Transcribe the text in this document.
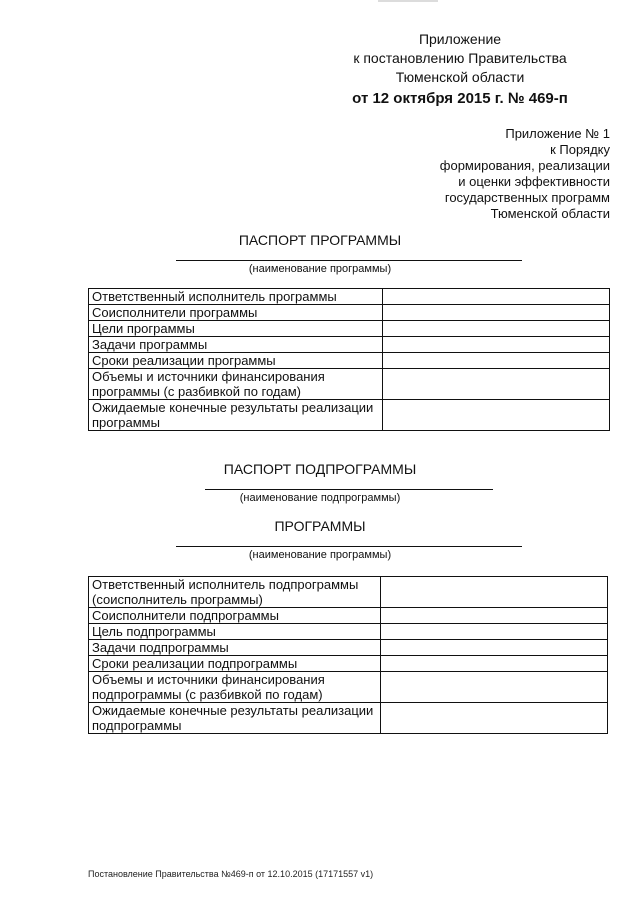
Приложение
к постановлению Правительства
Тюменской области
от 12 октября 2015 г. № 469-п
Приложение № 1
к Порядку
формирования, реализации
и оценки эффективности
государственных программ
Тюменской области
ПАСПОРТ ПРОГРАММЫ
(наименование программы)
Ответственный исполнитель программы	
Соисполнители программы	
Цели программы	
Задачи программы	
Сроки реализации программы	
Объемы и источники финансирования программы (с разбивкой по годам)	
Ожидаемые конечные результаты реализации программы	
ПАСПОРТ ПОДПРОГРАММЫ
(наименование подпрограммы)
ПРОГРАММЫ
(наименование программы)
Ответственный исполнитель подпрограммы (соисполнитель программы)	
Соисполнители подпрограммы	
Цель подпрограммы	
Задачи подпрограммы	
Сроки реализации подпрограммы	
Объемы и источники финансирования подпрограммы (с разбивкой по годам)	
Ожидаемые конечные результаты реализации подпрограммы	
Постановление Правительства №469-п от 12.10.2015 (17171557 v1)
